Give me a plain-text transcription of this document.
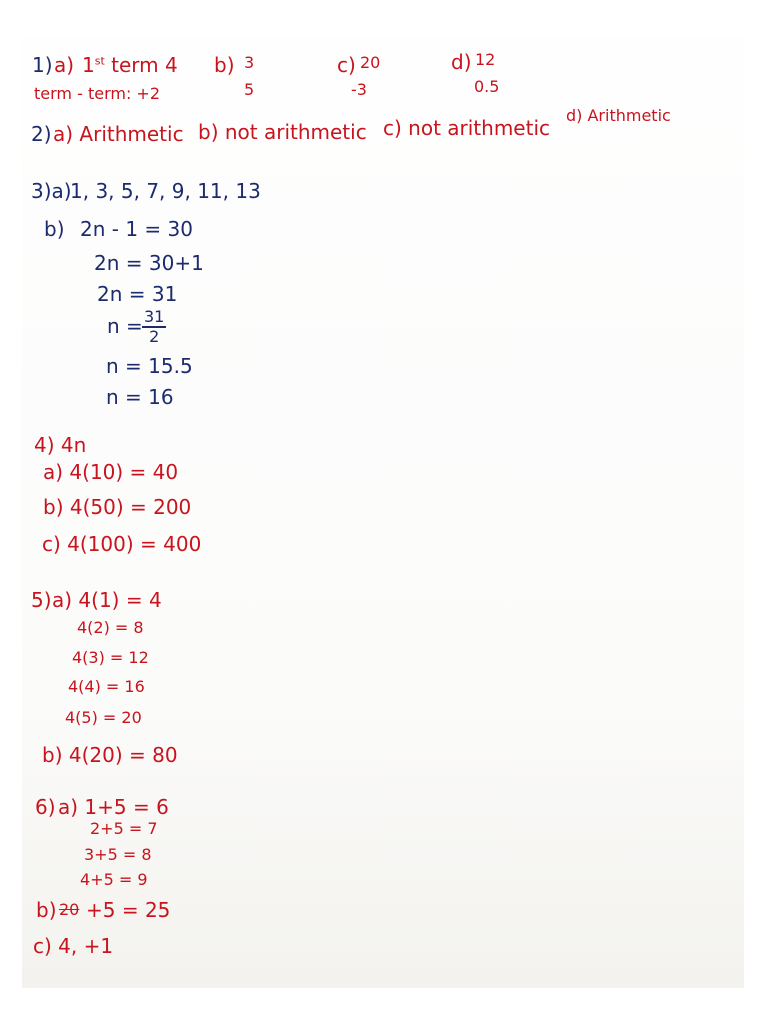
1) a) 1st term 4
term - term: +2
b) 3
5
c) 20
-3
d) 12
0.5
2) a) Arithmetic b) not arithmetic c) not arithmetic
d) Arithmetic
3)a)
1, 3, 5, 7, 9, 11, 13
b) 2n - 1 = 30
2n = 30+1
2n = 31
$n = \frac{31}{2}$
n = 15.5
n = 16
4) 4n
a) 4(10) = 40
b) 4(50) = 200
c) 4(100) = 400
5) a) 4(1) = 4
4(2) = 8
4(3) = 12
4(4) = 16
4(5) = 20
b) 4(20) = 80
6) a) 1+5 = 6
2+5 = 7
3+5 = 8
4+5 = 9
b) 20 +5 = 25
c) 4, +1
